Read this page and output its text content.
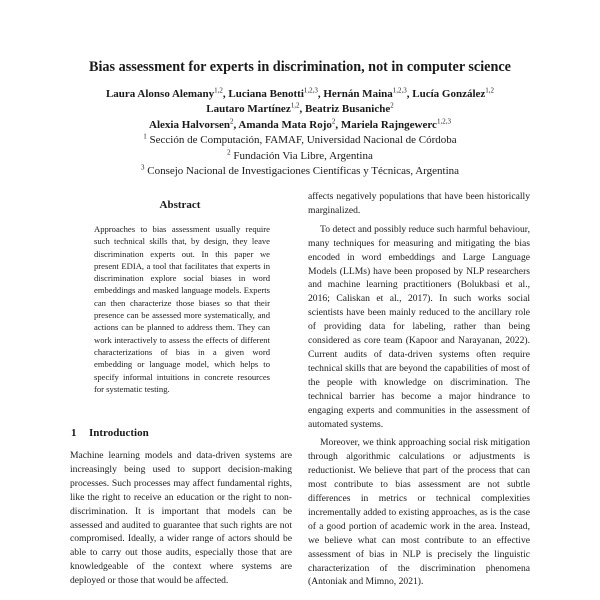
Bias assessment for experts in discrimination, not in computer science
Laura Alonso Alemany$^{1,2}$, Luciana Benotti$^{1,2,3}$, Hernán Maina$^{1,2,3}$, Lucía González$^{1,2}$
Lautaro Martínez$^{1,2}$, Beatriz Busaniche$^2$
Alexia Halvorsen$^2$, Amanda Mata Rojo$^2$, Mariela Rajngewerc$^{1,2,3}$
$^1$ Sección de Computación, FAMAF, Universidad Nacional de Córdoba
$^2$ Fundación Via Libre, Argentina
$^3$ Consejo Nacional de Investigaciones Científicas y Técnicas, Argentina
Abstract
Approaches to bias assessment usually require such technical skills that, by design, they leave discrimination experts out. In this paper we present EDIA, a tool that facilitates that experts in discrimination explore social biases in word embeddings and masked language models. Experts can then characterize those biases so that their presence can be assessed more systematically, and actions can be planned to address them. They can work interactively to assess the effects of different characterizations of bias in a given word embedding or language model, which helps to specify informal intuitions in concrete resources for systematic testing.
1 Introduction

Machine learning models and data-driven systems are increasingly being used to support decision-making processes. Such processes may affect fundamental rights, like the right to receive an education or the right to non-discrimination. It is important that models can be assessed and audited to guarantee that such rights are not compromised. Ideally, a wider range of actors should be able to carry out those audits, especially those that are knowledgeable of the context where systems are deployed or those that would be affected.

affects negatively populations that have been historically marginalized.

To detect and possibly reduce such harmful behaviour, many techniques for measuring and mitigating the bias encoded in word embeddings and Large Language Models (LLMs) have been proposed by NLP researchers and machine learning practitioners (Bolukbasi et al., 2016; Caliskan et al., 2017). In such works social scientists have been mainly reduced to the ancillary role of providing data for labeling, rather than being considered as core team (Kapoor and Narayanan, 2022). Current audits of data-driven systems often require technical skills that are beyond the capabilities of most of the people with knowledge on discrimination. The technical barrier has become a major hindrance to engaging experts and communities in the assessment of automated systems.

Moreover, we think approaching social risk mitigation through algorithmic calculations or adjustments is reductionist. We believe that part of the process that can most contribute to bias assessment are not subtle differences in metrics or technical complexities incrementally added to existing approaches, as is the case of a good portion of academic work in the area. Instead, we believe what can most contribute to an effective assessment of bias in NLP is precisely the linguistic characterization of the discrimination phenomena (Antoniak and Mimno, 2021).
